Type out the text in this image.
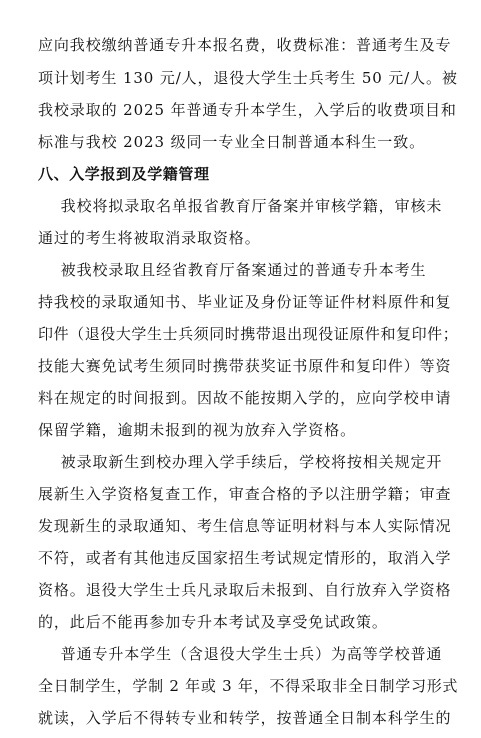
应向我校缴纳普通专升本报名费，收费标准：普通考生及专
项计划考生 130 元/人，退役大学生士兵考生 50 元/人。被
我校录取的 2025 年普通专升本学生，入学后的收费项目和
标准与我校 2023 级同一专业全日制普通本科生一致。
八、入学报到及学籍管理
我校将拟录取名单报省教育厅备案并审核学籍，审核未
通过的考生将被取消录取资格。
被我校录取且经省教育厅备案通过的普通专升本考生
持我校的录取通知书、毕业证及身份证等证件材料原件和复
印件（退役大学生士兵须同时携带退出现役证原件和复印件；
技能大赛免试考生须同时携带获奖证书原件和复印件）等资
料在规定的时间报到。因故不能按期入学的，应向学校申请
保留学籍，逾期未报到的视为放弃入学资格。
被录取新生到校办理入学手续后，学校将按相关规定开
展新生入学资格复查工作，审查合格的予以注册学籍；审查
发现新生的录取通知、考生信息等证明材料与本人实际情况
不符，或者有其他违反国家招生考试规定情形的，取消入学
资格。退役大学生士兵凡录取后未报到、自行放弃入学资格
的，此后不能再参加专升本考试及享受免试政策。
普通专升本学生（含退役大学生士兵）为高等学校普通
全日制学生，学制 2 年或 3 年，不得采取非全日制学习形式
就读，入学后不得转专业和转学，按普通全日制本科学生的
